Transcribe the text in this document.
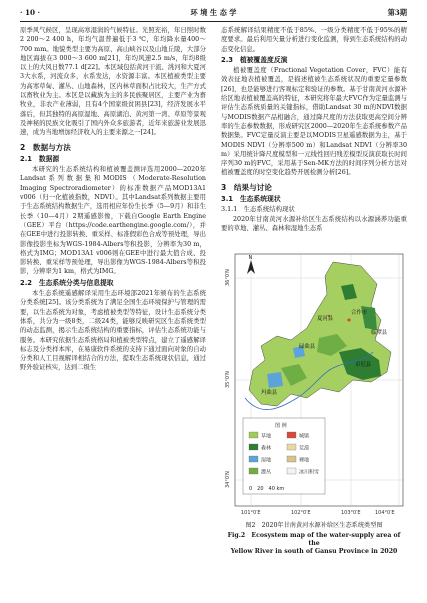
· 10 ·	环 境 生 态 学	第3期

原季风气候区，呈现高寒湿润的气候特征。光照充裕，年日照时数2 200～2 400 h，年均气温普遍低于3 ℃，年均降水量400～700 mm。地貌类型主要为高原、高山峡谷以及山地丘陵，大部分地区海拔在3 000～3 600 m[21]，年均风速2.5 m/s，年均8级以上的大风日数77.1 d[22]。本区域包括黄河干流、洮河和大夏河3大水系，河流众多，水系发达，水资源丰富。本区植被类型主要为高寒草甸、灌丛、山地森林，区内林草面积占比较大，生产方式以畜牧业为主。本区是以藏族为主的多民族聚居区，主要产业为畜牧业，非农产业薄弱，且有4个国家级贫困县[23]，经济发展水平落后，但其独特的高原湿地、高原湖泊、黄河第一湾、草原等景观及神秘的民族文化吸引了国内外众多旅游者，近年来旅游业发展迅速，成为当地增加经济收入的主要来源之一[24]。

2　数据与方法
2.1　数据源

本研究的生态系统结构和植被覆盖测评选用2000—2020年Landsat系列数据集和MODIS（Moderate-Resolution Imaging Spectroradiometer）的标准数据产品MOD13A1 v006（归一化植被指数，NDVI）。其中Landsat系列数据主要用于生态系统结构数据生产，选用相应年份生长季（5—9月）和非生长季（10—4月）2期遥感影像，下载自Google Earth Engine（GEE）平台（https://code.earthengine.google.com/），并在GEE中进行投影转换、重采样、标准假彩色合成等预处理，导出影像投影坐标为WGS-1984-Albers等积投影，分辨率为30 m，格式为IMG；MOD13A1 v006则在GEE中进行最大值合成、投影转换、重采样等预处理，导出影像为WGS-1984-Albers等积投影，分辨率为1 km，格式为IMG。

2.2　生态系统分类与信息提取

本生态系统遥感解译采用生态环境部2021年颁布的生态系统分类系统[25]。该分类系统为了满足全国生态环境保护与管理的需要，以生态系统为对象，考虑植被类型等特征，设计生态系统分类体系，共分为一级8类，二级24类，能够反映研究区生态系统类型的动态监测，揭示生态系统结构的重要指标，评估生态系统功能与服务。本研究依据生态系统格局和植被类型特点，建立了遥感解译标志及分类样本库，在易康软件系统的支持下通过面向对象的自动分类和人工目视解译相结合的方法，提取生态系统现状信息，通过野外验证核实，达到二级生

态系统解译结果精度不低于85%、一级分类精度不低于95%的精度要求。最后利用矢量分析进行变化监测，得到生态系统结构的动态变化信息。

2.3　植被覆盖度反演

植被覆盖度（Fractional Vegetation Cover，FVC）能有效表征地表植被覆盖，是描述植被生态系统状况的重要定量参数[26]，也是能够进行客观标定和验证的参数。基于甘南黄河水源补给区地表植被覆盖高的特征，本研究将年最大FVC作为定量监测与评估生态系统质量的关键指标，借助Landsat 30 m的NDVI数据与MODIS数据产品相融合，通过降尺度的方法获取更高空间分辨率的生态参数数据，形成研究区2000—2020年生态系统参数产品数据集。FVC定量反演主要是以MODIS卫星遥感数据为主，基于MODIS NDVI（分辨率500 m）和Landsat NDVI（分辨率30 m）采用统计降尺度模型和一元线性回归残差模型反演获取长时间序列30 m的FVC，采用基于Sen-MK方法的时间序列分析方法对植被覆盖度的时空变化趋势开展检测分析[26]。

3　结果与讨论
3.1　生态系统现状
3.1.1　生态系统结构现状

2020年甘南黄河水源补给区生态系统结构以水源涵养功能重要的草地、灌丛、森林和湿地生态系

夏河县
合作市
碌曲县
玛曲县
临潭县
卓尼县
N
图 例
草地	城镇
森林	荒漠
湿地	裸地
灌丛	冰川积雪
0　20　40 km
36°0′N
35°0′N
34°0′N
101°0′E	102°0′E	103°0′E	104°0′E
图2　2020年甘南黄河水源补给区生态系统类型图
Fig.2　Ecosystem map of the water-supply area of the
Yellow River in south of Gansu Province in 2020
